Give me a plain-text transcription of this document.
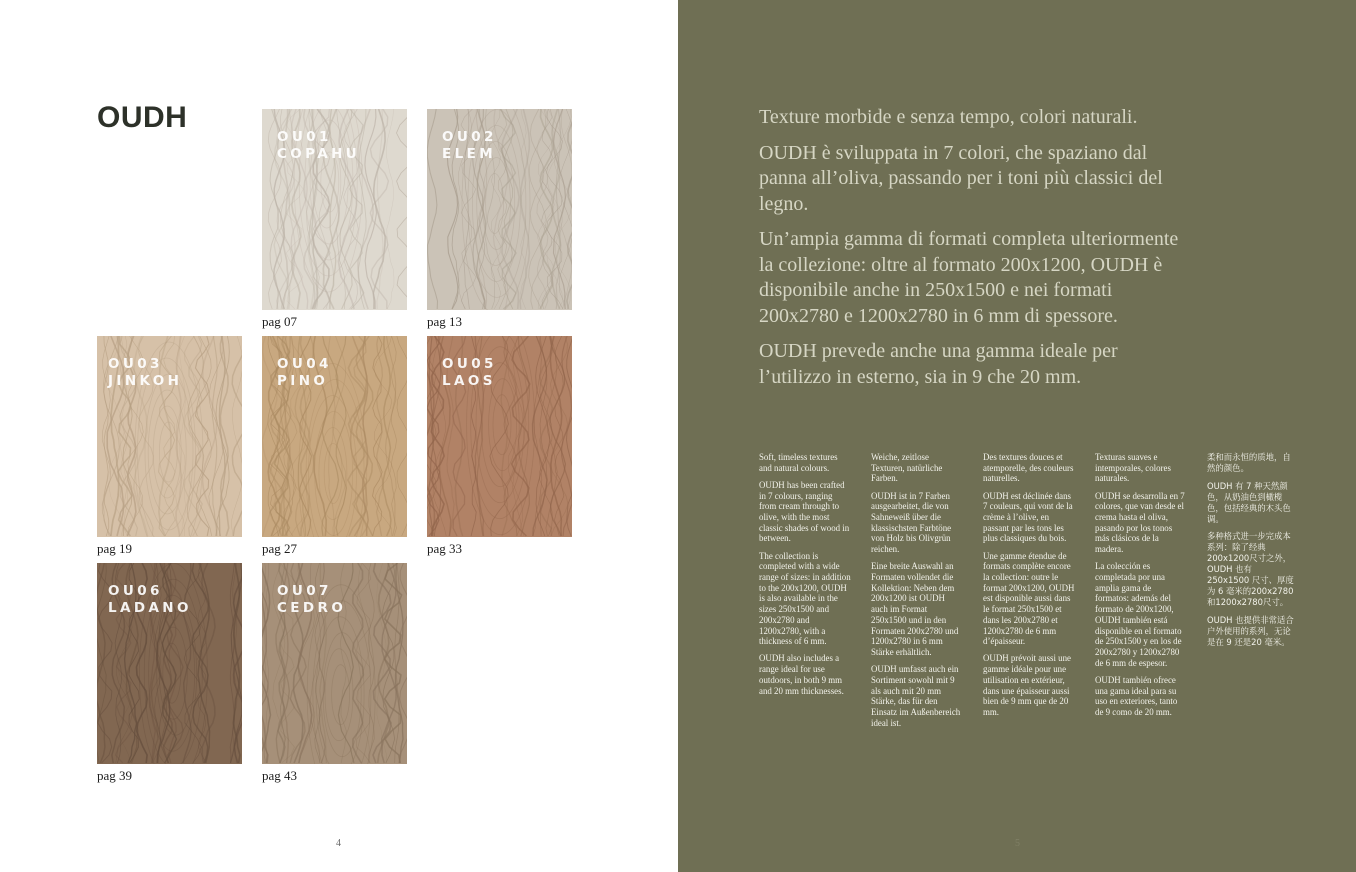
OUDH
OU01
COPAHU
pag 07
OU02
ELEM
pag 13
OU03
JINKOH
pag 19
OU04
PINO
pag 27
OU05
LAOS
pag 33
OU06
LADANO
pag 39
OU07
CEDRO
pag 43
4	5

Texture morbide e senza tempo, colori naturali.

OUDH è sviluppata in 7 colori, che spaziano dal panna all’oliva, passando per i toni più classici del legno.

Un’ampia gamma di formati completa ulteriormente la collezione: oltre al formato 200x1200, OUDH è disponibile anche in 250x1500 e nei formati 200x2780 e 1200x2780 in 6 mm di spessore.

OUDH prevede anche una gamma ideale per l’utilizzo in esterno, sia in 9 che 20 mm.

Soft, timeless textures and natural colours.

OUDH has been crafted in 7 colours, ranging from cream through to olive, with the most classic shades of wood in between.

The collection is completed with a wide range of sizes: in addition to the 200x1200, OUDH is also available in the sizes 250x1500 and 200x2780 and 1200x2780, with a thickness of 6 mm.

OUDH also includes a range ideal for use outdoors, in both 9 mm and 20 mm thicknesses.

Weiche, zeitlose Texturen, natürliche Farben.

OUDH ist in 7 Farben ausgearbeitet, die von Sahneweiß über die klassischsten Farbtöne von Holz bis Olivgrün reichen.

Eine breite Auswahl an Formaten vollendet die Kollektion: Neben dem 200x1200 ist OUDH auch im Format 250x1500 und in den Formaten 200x2780 und 1200x2780 in 6 mm Stärke erhältlich.

OUDH umfasst auch ein Sortiment sowohl mit 9 als auch mit 20 mm Stärke, das für den Einsatz im Außenbereich ideal ist.

Des textures douces et atemporelle, des couleurs naturelles.

OUDH est déclinée dans 7 couleurs, qui vont de la crème à l’olive, en passant par les tons les plus classiques du bois.

Une gamme étendue de formats complète encore la collection: outre le format 200x1200, OUDH est disponible aussi dans le format 250x1500 et dans les 200x2780 et 1200x2780 de 6 mm d’épaisseur.

OUDH prévoit aussi une gamme idéale pour une utilisation en extérieur, dans une épaisseur aussi bien de 9 mm que de 20 mm.

Texturas suaves e intemporales, colores naturales.

OUDH se desarrolla en 7 colores, que van desde el crema hasta el oliva, pasando por los tonos más clásicos de la madera.

La colección es completada por una amplia gama de formatos: además del formato de 200x1200, OUDH también está disponible en el formato de 250x1500 y en los de 200x2780 y 1200x2780 de 6 mm de espesor.

OUDH también ofrece una gama ideal para su uso en exteriores, tanto de 9 como de 20 mm.

柔和而永恒的质地，自然的颜色。

OUDH 有 7 种天然颜色，从奶油色到橄榄色，包括经典的木头色调。

多种格式进一步完成本系列：除了经典200x1200尺寸之外，OUDH 也有 250x1500 尺寸、厚度为 6 毫米的200x2780 和1200x2780尺寸。

OUDH 也提供非常适合户外使用的系列，无论是在 9 还是20 毫米。
